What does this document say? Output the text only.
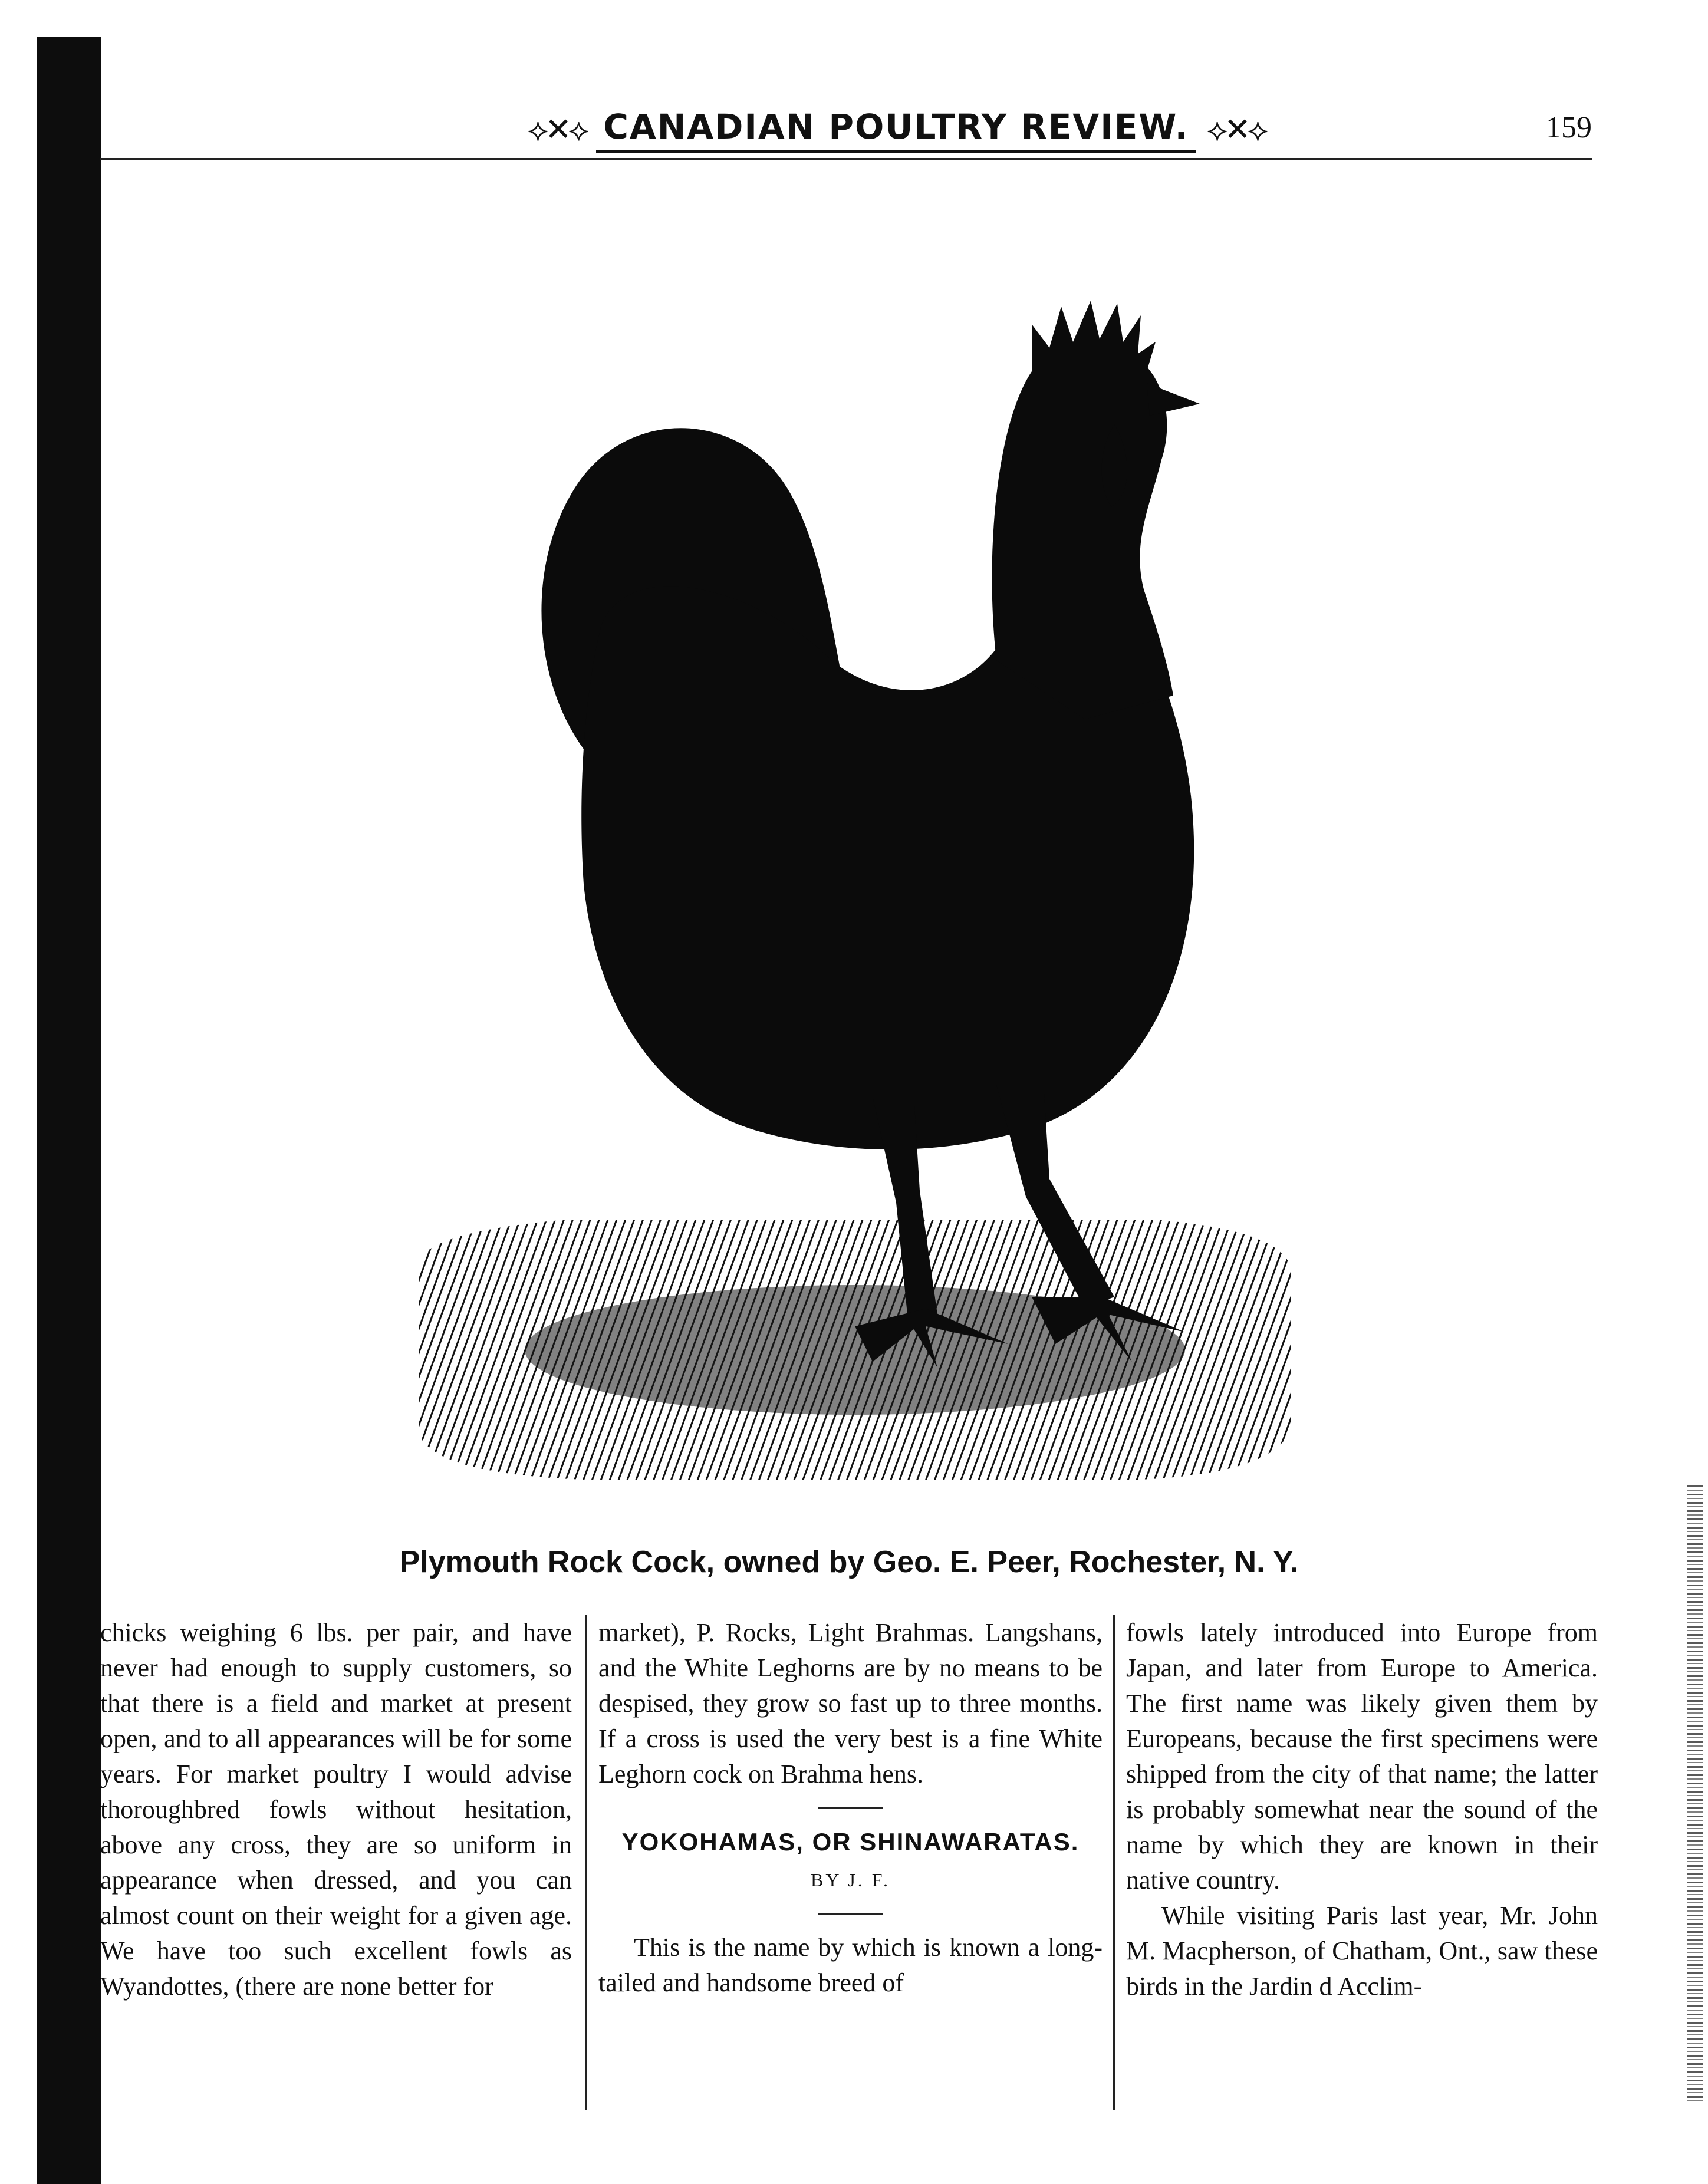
⟡✕⟡ CANADIAN POULTRY REVIEW. ⟡✕⟡	159
Plymouth Rock Cock, owned by Geo. E. Peer, Rochester, N. Y.

chicks weighing 6 lbs. per pair, and have never had enough to supply customers, so that there is a field and market at present open, and to all appearances will be for some years. For market poultry I would advise thoroughbred fowls without hesitation, above any cross, they are so uniform in appearance when dressed, and you can almost count on their weight for a given age. We have too such excellent fowls as Wyandottes, (there are none better for

market), P. Rocks, Light Brahmas. Langshans, and the White Leghorns are by no means to be despised, they grow so fast up to three months. If a cross is used the very best is a fine White Leghorn cock on Brahma hens.

YOKOHAMAS, OR SHINAWARATAS.
BY J. F.

This is the name by which is known a long-tailed and handsome breed of

fowls lately introduced into Europe from Japan, and later from Europe to America. The first name was likely given them by Europeans, because the first specimens were shipped from the city of that name; the latter is probably somewhat near the sound of the name by which they are known in their native country.

While visiting Paris last year, Mr. John M. Macpherson, of Chatham, Ont., saw these birds in the Jardin d Acclim-
